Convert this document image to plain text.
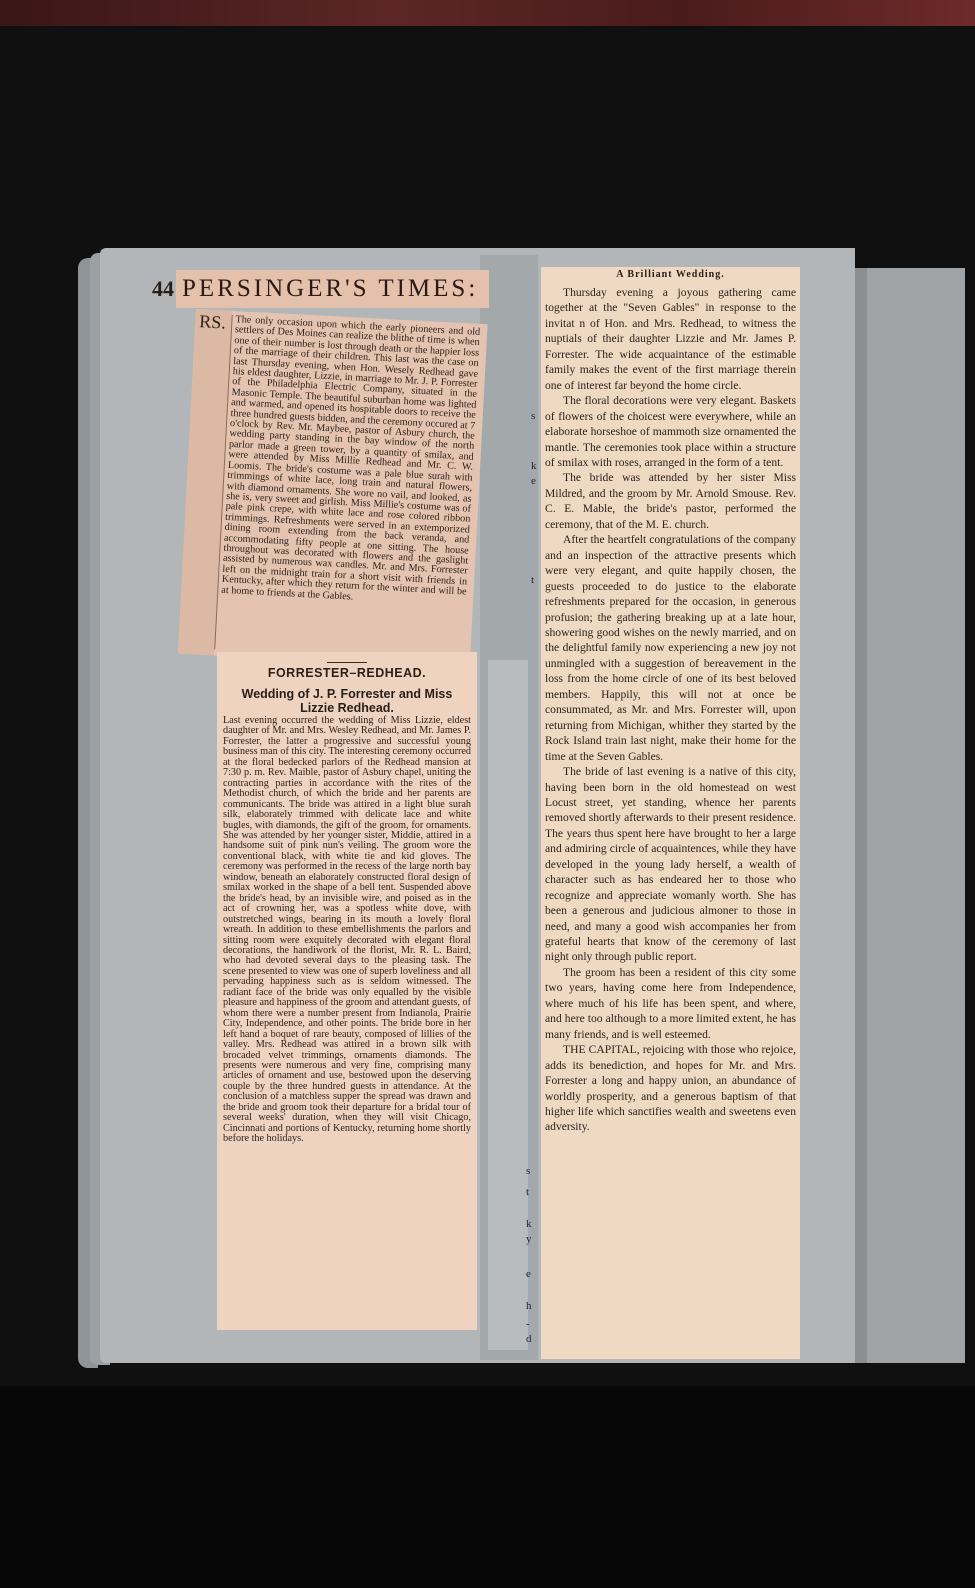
44 PERSINGER'S TIMES:
RS. The only occasion upon which the early pioneers and old settlers of Des Moines can realize the blithe of time is when one of their number is lost through death or the happier loss of the marriage of their children. This last was the case on last Thursday evening, when Hon. Wesely Redhead gave his eldest daughter, Lizzie, in marriage to Mr. J. P. Forrester of the Philadelphia Electric Company, situated in the Masonic Temple. The beautiful suburban home was lighted and warmed, and opened its hospitable doors to receive the three hundred guests bidden, and the ceremony occured at 7 o'clock by Rev. Mr. Maybee, pastor of Asbury church, the wedding party standing in the bay window of the north parlor made a green tower, by a quantity of smilax, and were attended by Miss Millie Redhead and Mr. C. W. Loomis. The bride's costume was a pale blue surah with trimmings of white lace, long train and natural flowers, with diamond ornaments. She wore no vail, and looked, as she is, very sweet and girlish. Miss Millie's costume was of pale pink crepe, with white lace and rose colored ribbon trimmings. Refreshments were served in an extemporized dining room extending from the back veranda, and accommodating fifty people at one sitting. The house throughout was decorated with flowers and the gaslight assisted by numerous wax candles. Mr. and Mrs. Forrester left on the midnight train for a short visit with friends in Kentucky, after which they return for the winter and will be at home to friends at the Gables.

FORRESTER–REDHEAD.
Wedding of J. P. Forrester and Miss Lizzie Redhead.

Last evening occurred the wedding of Miss Lizzie, eldest daughter of Mr. and Mrs. Wesley Redhead, and Mr. James P. Forrester, the latter a progressive and successful young business man of this city. The interesting ceremony occurred at the floral bedecked parlors of the Redhead mansion at 7:30 p. m. Rev. Maible, pastor of Asbury chapel, uniting the contracting parties in accordance with the rites of the Methodist church, of which the bride and her parents are communicants. The bride was attired in a light blue surah silk, elaborately trimmed with delicate lace and white bugles, with diamonds, the gift of the groom, for ornaments. She was attended by her younger sister, Middie, attired in a handsome suit of pink nun's veiling. The groom wore the conventional black, with white tie and kid gloves. The ceremony was performed in the recess of the large north bay window, beneath an elaborately constructed floral design of smilax worked in the shape of a bell tent. Suspended above the bride's head, by an invisible wire, and poised as in the act of crowning her, was a spotless white dove, with outstretched wings, bearing in its mouth a lovely floral wreath. In addition to these embellishments the parlors and sitting room were exquitely decorated with elegant floral decorations, the handiwork of the florist, Mr. R. L. Baird, who had devoted several days to the pleasing task. The scene presented to view was one of superb loveliness and all pervading happiness such as is seldom witnessed. The radiant face of the bride was only equalled by the visible pleasure and happiness of the groom and attendant guests, of whom there were a number present from Indianola, Prairie City, Independence, and other points. The bride bore in her left hand a boquet of rare beauty, composed of lillies of the valley. Mrs. Redhead was attired in a brown silk with brocaded velvet trimmings, ornaments diamonds. The presents were numerous and very fine, comprising many articles of ornament and use, bestowed upon the deserving couple by the three hundred guests in attendance. At the conclusion of a matchless supper the spread was drawn and the bride and groom took their departure for a bridal tour of several weeks' duration, when they will visit Chicago, Cincinnati and portions of Kentucky, returning home shortly before the holidays.

s
k
e
t
s
t
k
y
e
h
-
d
A Brilliant Wedding.

Thursday evening a joyous gathering came together at the "Seven Gables" in response to the invitat n of Hon. and Mrs. Redhead, to witness the nuptials of their daughter Lizzie and Mr. James P. Forrester. The wide acquaintance of the estimable family makes the event of the first marriage therein one of interest far beyond the home circle.

The floral decorations were very elegant. Baskets of flowers of the choicest were everywhere, while an elaborate horseshoe of mammoth size ornamented the mantle. The ceremonies took place within a structure of smilax with roses, arranged in the form of a tent.

The bride was attended by her sister Miss Mildred, and the groom by Mr. Arnold Smouse. Rev. C. E. Mable, the bride's pastor, performed the ceremony, that of the M. E. church.

After the heartfelt congratulations of the company and an inspection of the attractive presents which were very elegant, and quite happily chosen, the guests proceeded to do justice to the elaborate refreshments prepared for the occasion, in generous profusion; the gathering breaking up at a late hour, showering good wishes on the newly married, and on the delightful family now experiencing a new joy not unmingled with a suggestion of bereavement in the loss from the home circle of one of its best beloved members. Happily, this will not at once be consummated, as Mr. and Mrs. Forrester will, upon returning from Michigan, whither they started by the Rock Island train last night, make their home for the time at the Seven Gables.

The bride of last evening is a native of this city, having been born in the old homestead on west Locust street, yet standing, whence her parents removed shortly afterwards to their present residence. The years thus spent here have brought to her a large and admiring circle of acquaintences, while they have developed in the young lady herself, a wealth of character such as has endeared her to those who recognize and appreciate womanly worth. She has been a generous and judicious almoner to those in need, and many a good wish accompanies her from grateful hearts that know of the ceremony of last night only through public report.

The groom has been a resident of this city some two years, having come here from Independence, where much of his life has been spent, and where, and here too although to a more limited extent, he has many friends, and is well esteemed.

THE CAPITAL, rejoicing with those who rejoice, adds its benediction, and hopes for Mr. and Mrs. Forrester a long and happy union, an abundance of worldly prosperity, and a generous baptism of that higher life which sanctifies wealth and sweetens even adversity.
